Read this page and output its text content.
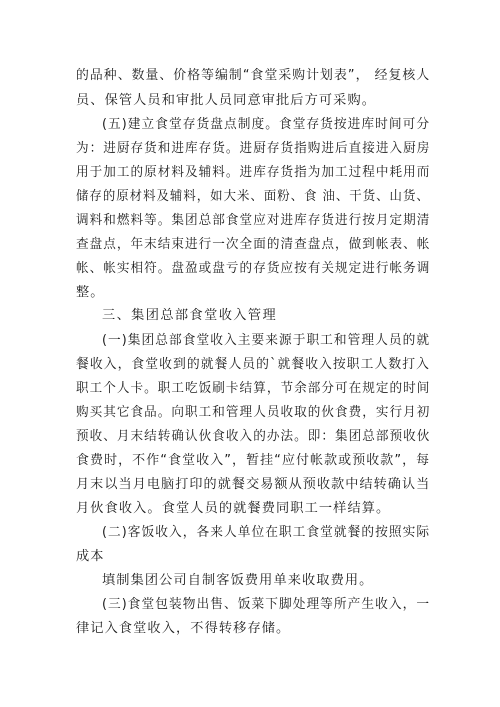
的品种、数量、价格等编制“食堂采购计划表”， 经复核人

员、保管人员和审批人员同意审批后方可采购。

(五)建立食堂存货盘点制度。食堂存货按进库时间可分

为：进厨存货和进库存货。进厨存货指购进后直接进入厨房

用于加工的原材料及辅料。进库存货指为加工过程中耗用而

储存的原材料及辅料，如大米、面粉、食 油、干货、山货、

调料和燃料等。集团总部食堂应对进库存货进行按月定期清

查盘点，年末结束进行一次全面的清查盘点，做到帐表、帐

帐、帐实相符。盘盈或盘亏的存货应按有关规定进行帐务调

整。

三、集团总部食堂收入管理

(一)集团总部食堂收入主要来源于职工和管理人员的就

餐收入，食堂收到的就餐人员的`就餐收入按职工人数打入

职工个人卡。职工吃饭刷卡结算，节余部分可在规定的时间

购买其它食品。向职工和管理人员收取的伙食费，实行月初

预收、月末结转确认伙食收入的办法。即：集团总部预收伙

食费时，不作“食堂收入”，暂挂“应付帐款或预收款”，每

月末以当月电脑打印的就餐交易额从预收款中结转确认当

月伙食收入。食堂人员的就餐费同职工一样结算。

(二)客饭收入，各来人单位在职工食堂就餐的按照实际

成本

填制集团公司自制客饭费用单来收取费用。

(三)食堂包装物出售、饭菜下脚处理等所产生收入，一

律记入食堂收入，不得转移存储。
